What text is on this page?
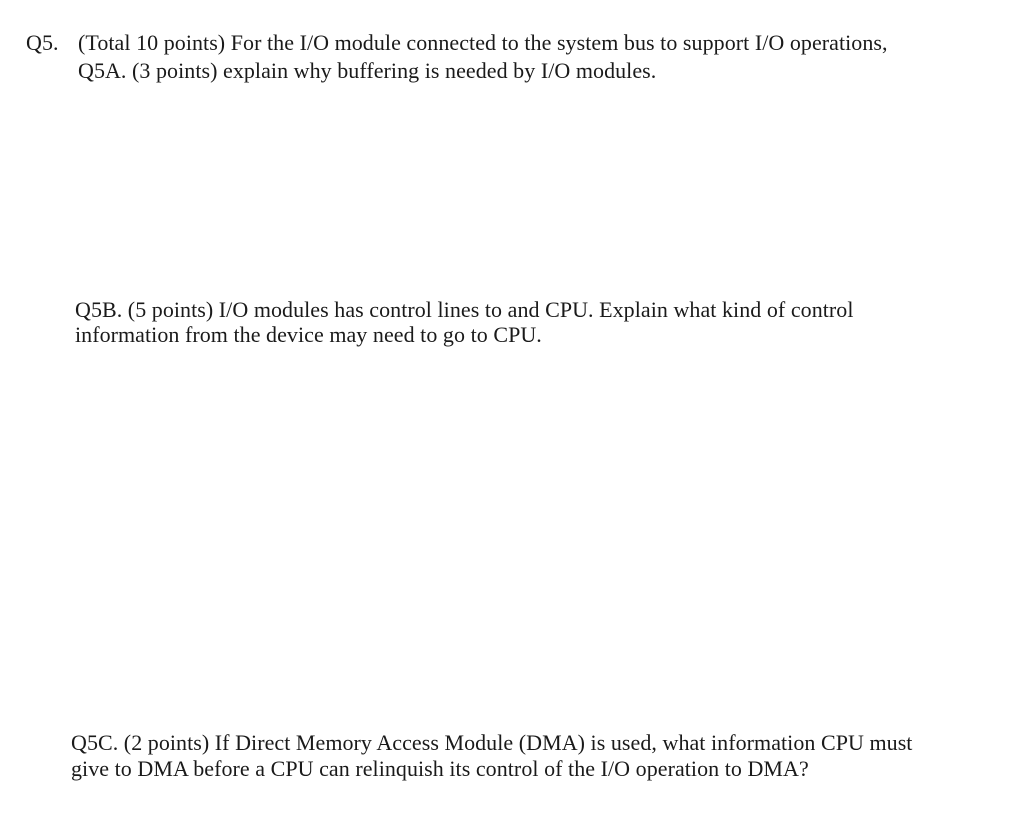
Q5. (Total 10 points) For the I/O module connected to the system bus to support I/O operations,
Q5A. (3 points) explain why buffering is needed by I/O modules.
Q5B. (5 points) I/O modules has control lines to and CPU. Explain what kind of control
information from the device may need to go to CPU.
Q5C. (2 points) If Direct Memory Access Module (DMA) is used, what information CPU must
give to DMA before a CPU can relinquish its control of the I/O operation to DMA?
